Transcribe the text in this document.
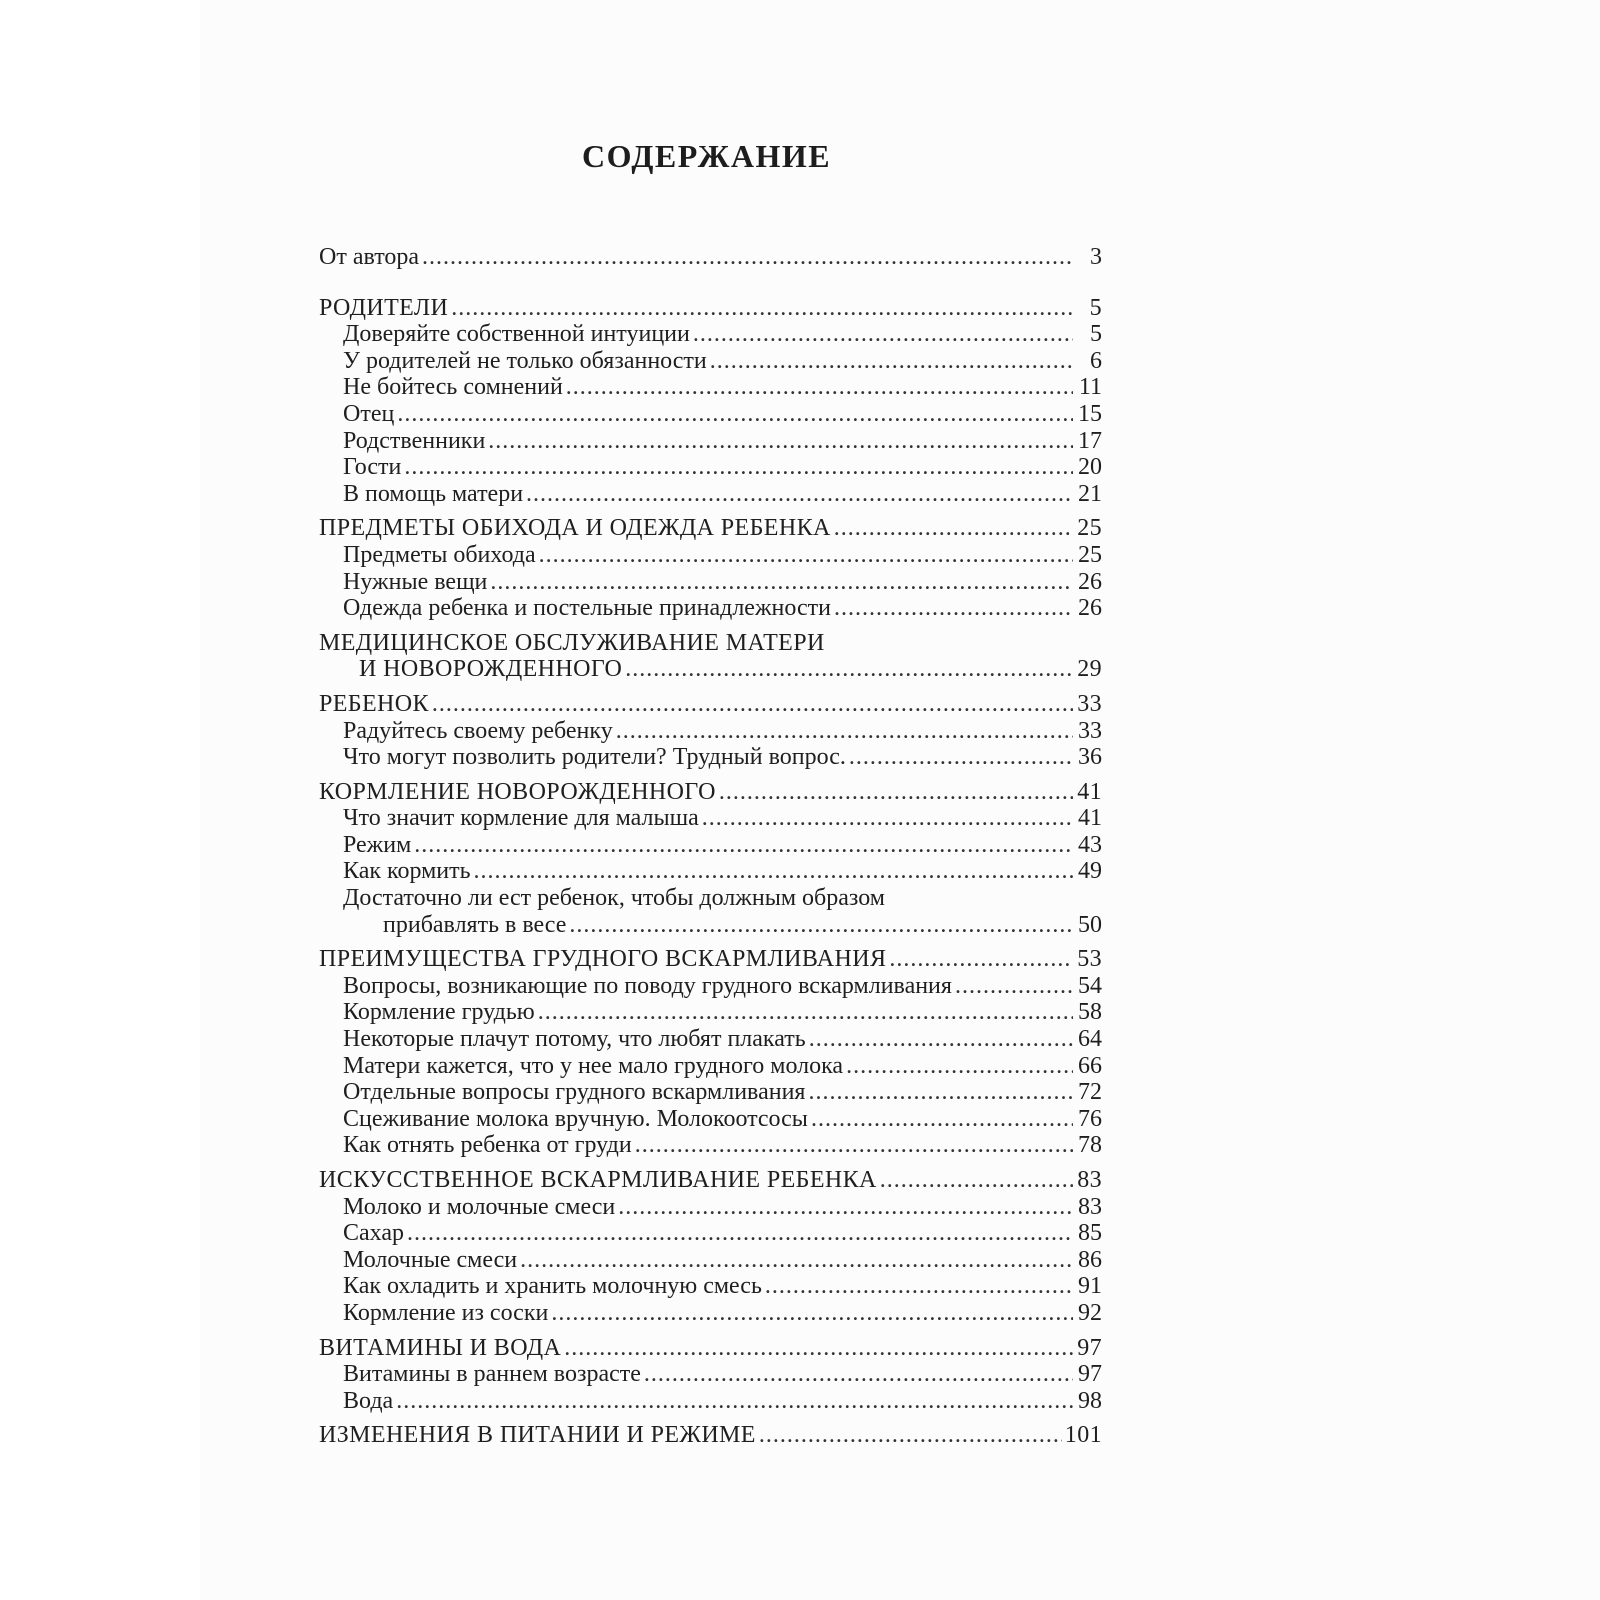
СОДЕРЖАНИЕ
От автора .....	3
РОДИТЕЛИ .....	5
Доверяйте собственной интуиции .....	5
У родителей не только обязанности .....	6
Не бойтесь сомнений .....	11
Отец .....	15
Родственники .....	17
Гости .....	20
В помощь матери .....	21
ПРЕДМЕТЫ ОБИХОДА И ОДЕЖДА РЕБЕНКА .....	25
Предметы обихода .....	25
Нужные вещи .....	26
Одежда ребенка и постельные принадлежности .....	26
МЕДИЦИНСКОЕ ОБСЛУЖИВАНИЕ МАТЕРИ
И НОВОРОЖДЕННОГО .....	29
РЕБЕНОК .....	33
Радуйтесь своему ребенку .....	33
Что могут позволить родители? Трудный вопрос. .....	36
КОРМЛЕНИЕ НОВОРОЖДЕННОГО .....	41
Что значит кормление для малыша .....	41
Режим .....	43
Как кормить .....	49
Достаточно ли ест ребенок, чтобы должным образом
прибавлять в весе .....	50
ПРЕИМУЩЕСТВА ГРУДНОГО ВСКАРМЛИВАНИЯ .....	53
Вопросы, возникающие по поводу грудного вскармливания .....	54
Кормление грудью .....	58
Некоторые плачут потому, что любят плакать .....	64
Матери кажется, что у нее мало грудного молока .....	66
Отдельные вопросы грудного вскармливания .....	72
Сцеживание молока вручную. Молокоотсосы .....	76
Как отнять ребенка от груди .....	78
ИСКУССТВЕННОЕ ВСКАРМЛИВАНИЕ РЕБЕНКА .....	83
Молоко и молочные смеси .....	83
Сахар .....	85
Молочные смеси .....	86
Как охладить и хранить молочную смесь .....	91
Кормление из соски .....	92
ВИТАМИНЫ И ВОДА .....	97
Витамины в раннем возрасте .....	97
Вода .....	98
ИЗМЕНЕНИЯ В ПИТАНИИ И РЕЖИМЕ .....	101
